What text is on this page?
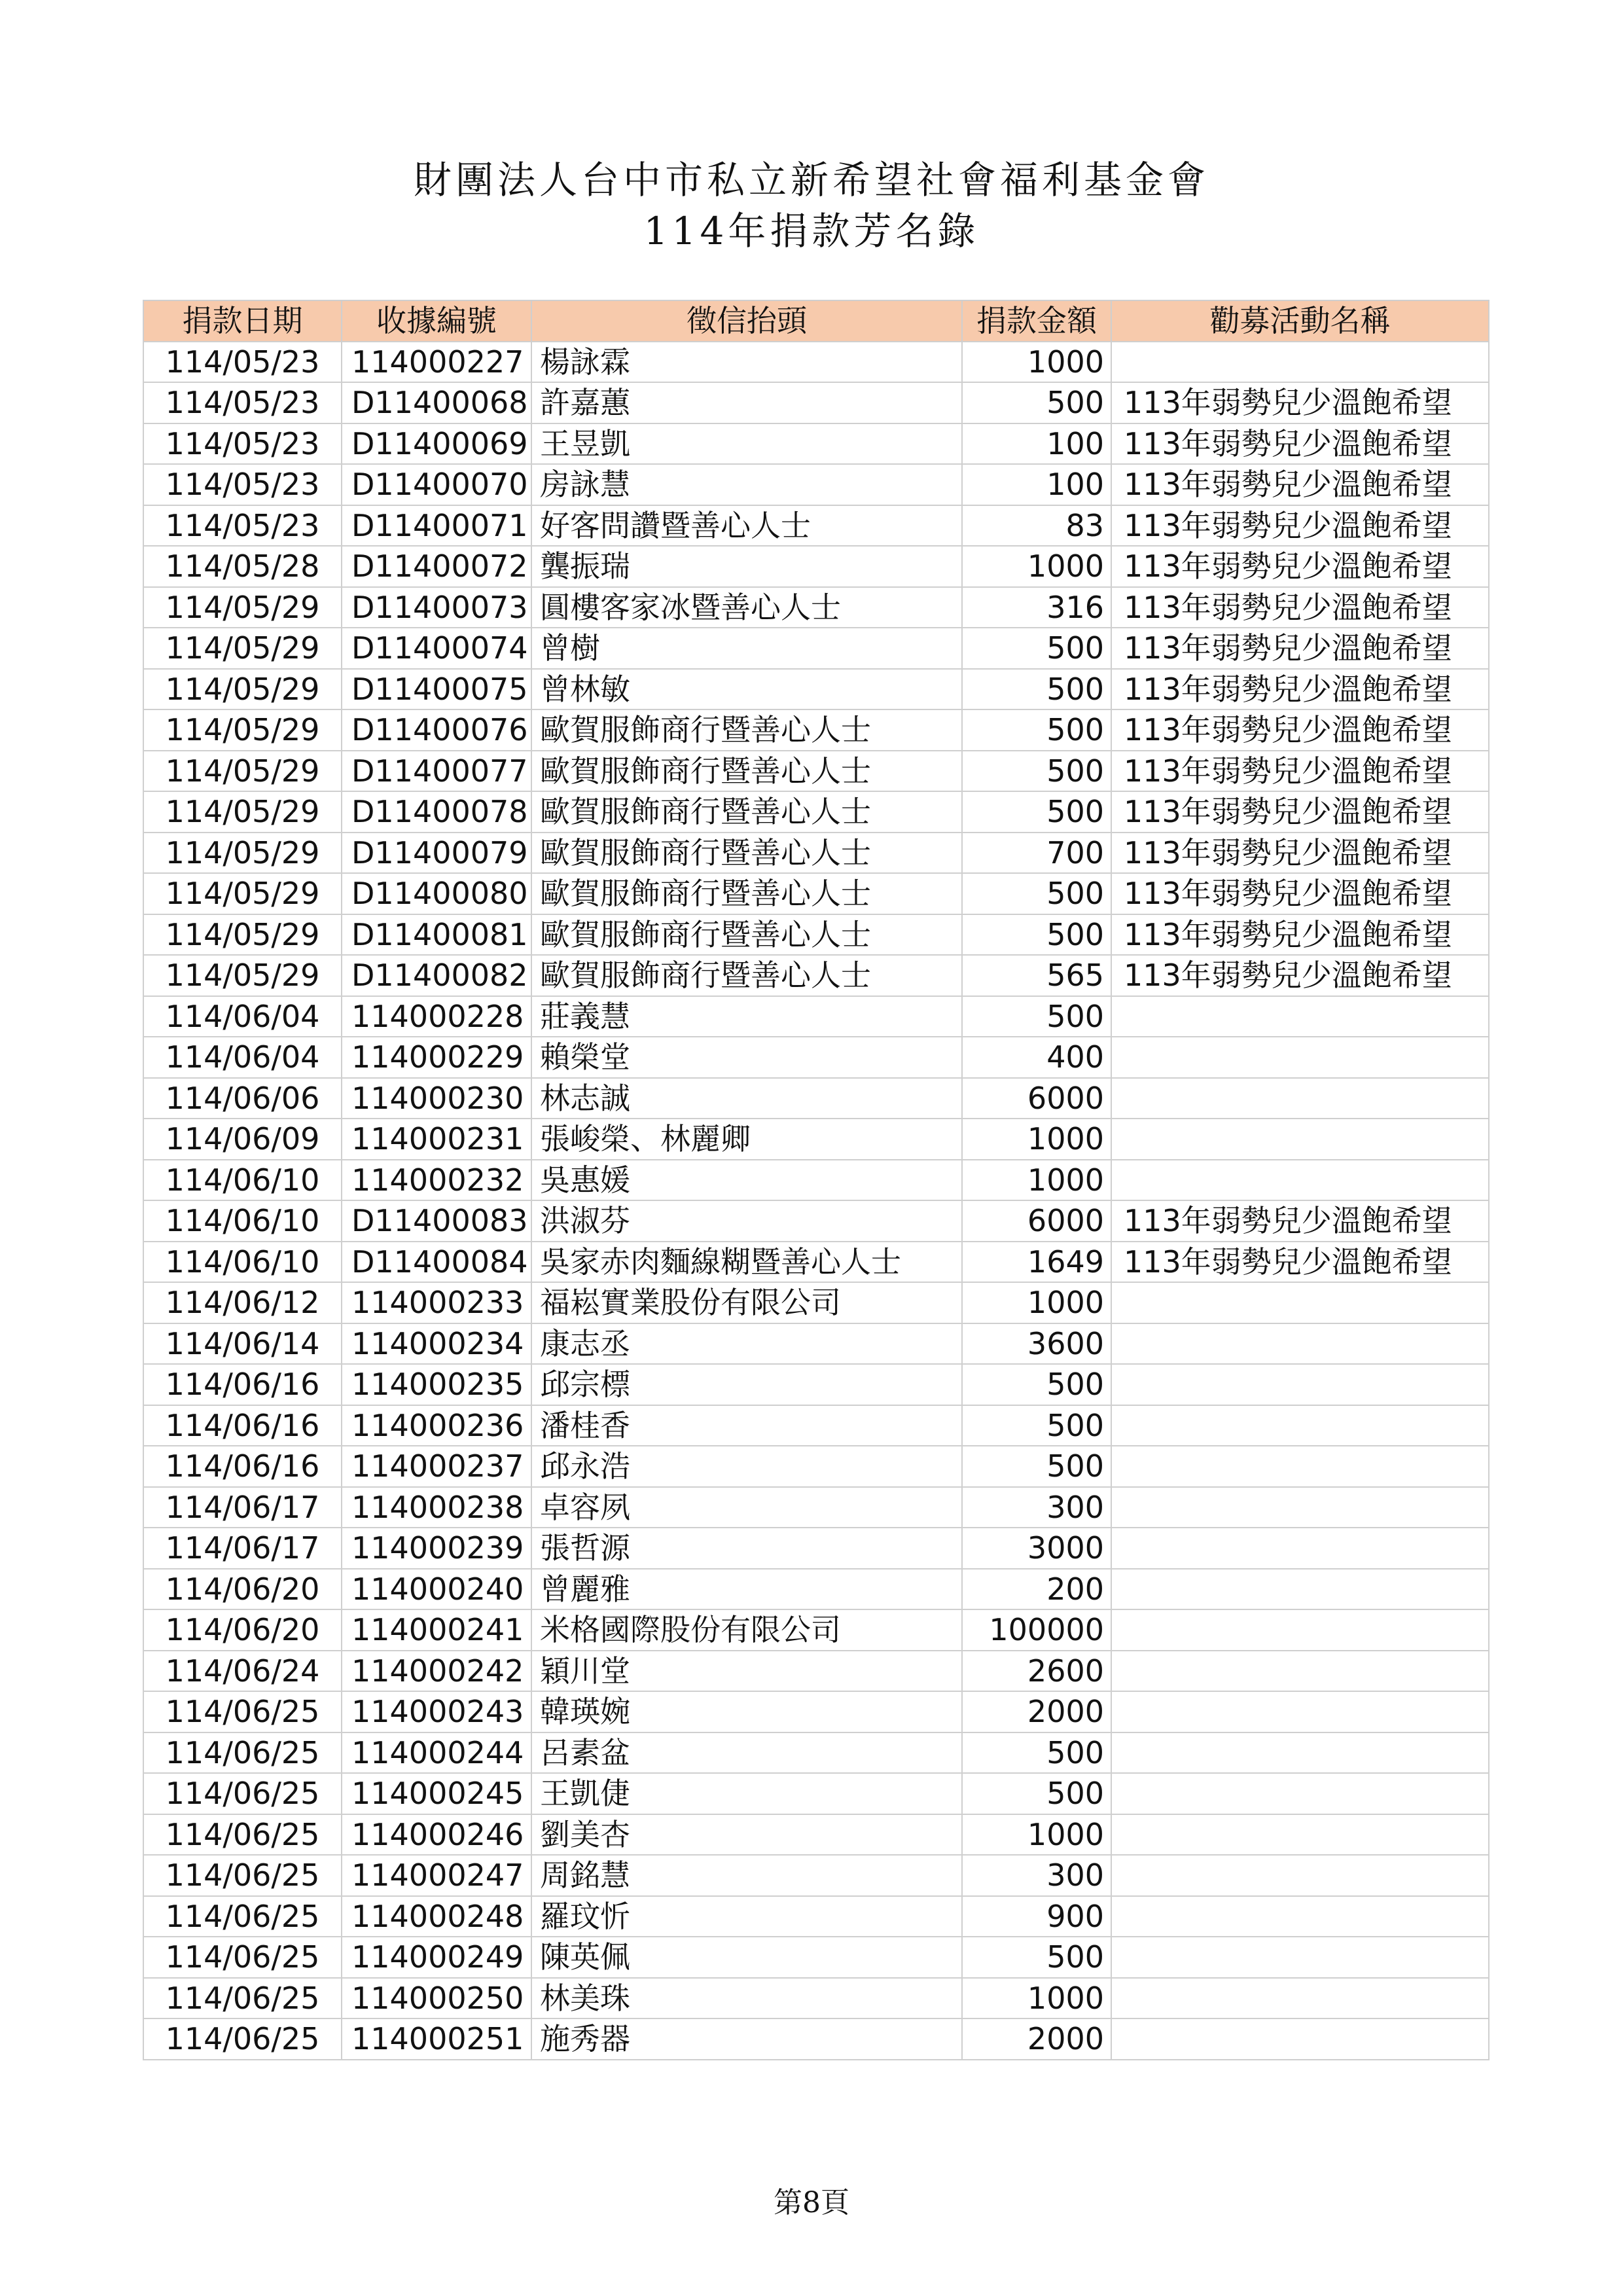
財團法人台中市私立新希望社會福利基金會
114年捐款芳名錄
捐款日期	收據編號	徵信抬頭	捐款金額	勸募活動名稱
114/05/23	114000227	楊詠霖	1000	
114/05/23	D11400068	許嘉蕙	500	113年弱勢兒少溫飽希望
114/05/23	D11400069	王昱凱	100	113年弱勢兒少溫飽希望
114/05/23	D11400070	房詠慧	100	113年弱勢兒少溫飽希望
114/05/23	D11400071	好客問讚暨善心人士	83	113年弱勢兒少溫飽希望
114/05/28	D11400072	龔振瑞	1000	113年弱勢兒少溫飽希望
114/05/29	D11400073	圓樓客家冰暨善心人士	316	113年弱勢兒少溫飽希望
114/05/29	D11400074	曾樹	500	113年弱勢兒少溫飽希望
114/05/29	D11400075	曾林敏	500	113年弱勢兒少溫飽希望
114/05/29	D11400076	歐賀服飾商行暨善心人士	500	113年弱勢兒少溫飽希望
114/05/29	D11400077	歐賀服飾商行暨善心人士	500	113年弱勢兒少溫飽希望
114/05/29	D11400078	歐賀服飾商行暨善心人士	500	113年弱勢兒少溫飽希望
114/05/29	D11400079	歐賀服飾商行暨善心人士	700	113年弱勢兒少溫飽希望
114/05/29	D11400080	歐賀服飾商行暨善心人士	500	113年弱勢兒少溫飽希望
114/05/29	D11400081	歐賀服飾商行暨善心人士	500	113年弱勢兒少溫飽希望
114/05/29	D11400082	歐賀服飾商行暨善心人士	565	113年弱勢兒少溫飽希望
114/06/04	114000228	莊義慧	500	
114/06/04	114000229	賴榮堂	400	
114/06/06	114000230	林志誠	6000	
114/06/09	114000231	張峻榮、林麗卿	1000	
114/06/10	114000232	吳惠媛	1000	
114/06/10	D11400083	洪淑芬	6000	113年弱勢兒少溫飽希望
114/06/10	D11400084	吳家赤肉麵線糊暨善心人士	1649	113年弱勢兒少溫飽希望
114/06/12	114000233	福崧實業股份有限公司	1000	
114/06/14	114000234	康志丞	3600	
114/06/16	114000235	邱宗標	500	
114/06/16	114000236	潘桂香	500	
114/06/16	114000237	邱永浩	500	
114/06/17	114000238	卓容夙	300	
114/06/17	114000239	張哲源	3000	
114/06/20	114000240	曾麗雅	200	
114/06/20	114000241	米格國際股份有限公司	100000	
114/06/24	114000242	穎川堂	2600	
114/06/25	114000243	韓瑛婉	2000	
114/06/25	114000244	呂素盆	500	
114/06/25	114000245	王凱倢	500	
114/06/25	114000246	劉美杏	1000	
114/06/25	114000247	周銘慧	300	
114/06/25	114000248	羅玟忻	900	
114/06/25	114000249	陳英佩	500	
114/06/25	114000250	林美珠	1000	
114/06/25	114000251	施秀器	2000	
第8頁
